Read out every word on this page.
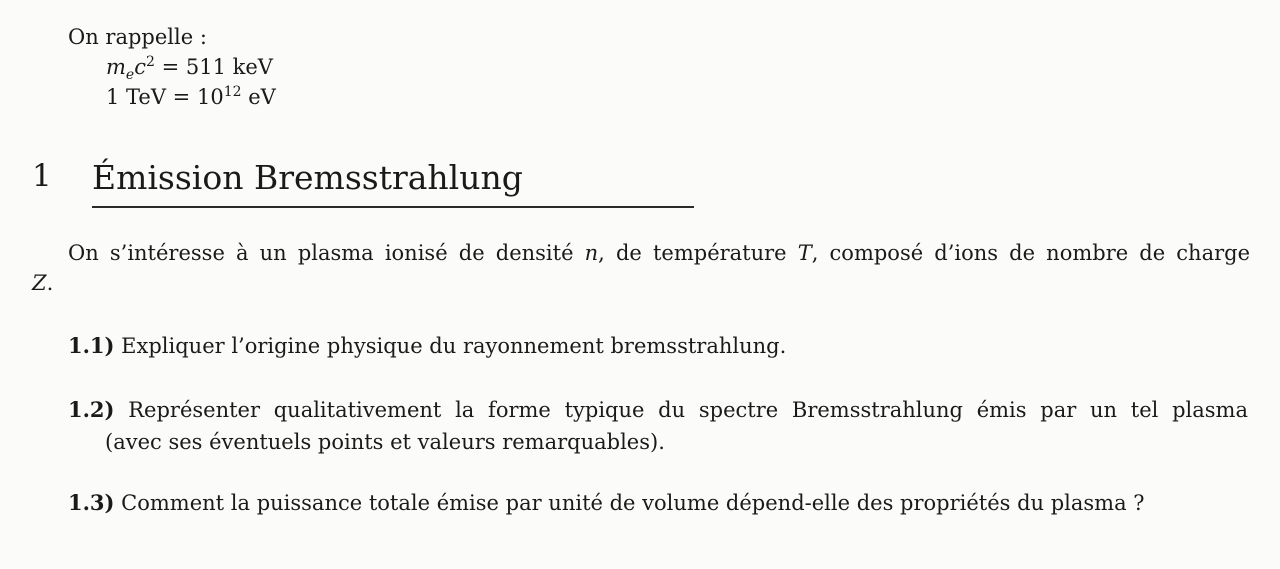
On rappelle :
$m_ec^2 = 511$ keV
1 TeV = $10^{12}$ eV
1 Émission Bremsstrahlung
On s’intéresse à un plasma ionisé de densité n, de température T, composé d’ions de nombre de charge
Z.
1.1) Expliquer l’origine physique du rayonnement bremsstrahlung.
1.2) Représenter qualitativement la forme typique du spectre Bremsstrahlung émis par un tel plasma
(avec ses éventuels points et valeurs remarquables).
1.3) Comment la puissance totale émise par unité de volume dépend-elle des propriétés du plasma ?
